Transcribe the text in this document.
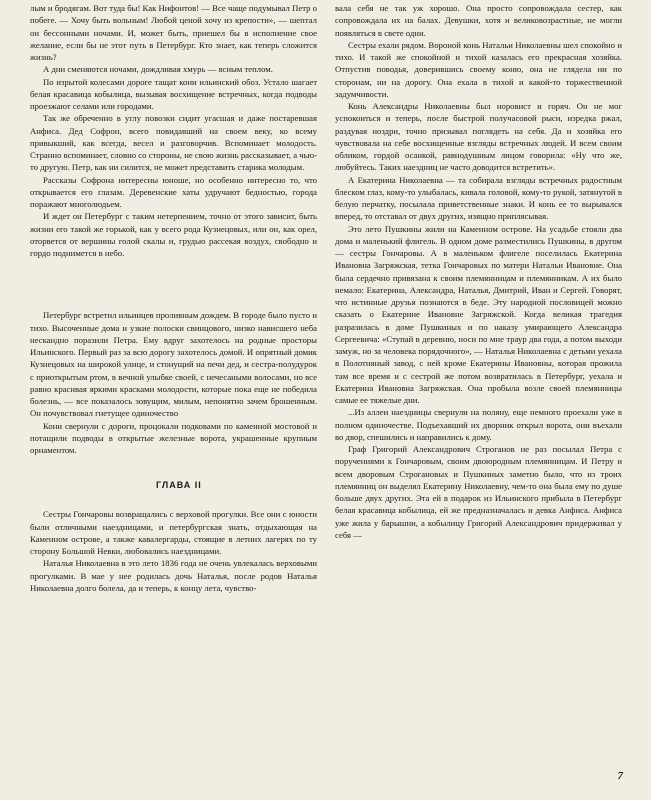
лым и бродягам. Вот туда бы! Как Нифонтов! — Все чаще подумывал Петр о побеге. — Хочу быть вольным! Любой ценой хочу из крепости», — шептал он бессонными ночами. И, может быть, приешел бы в исполнение свое желание, если бы не этот путь в Петербург. Кто знает, как теперь сложится жизнь?

А дни сменяются ночами, дождливая хмурь — ясным теплом.

По изрытой колесами дороге тащат кони ильинский обоз. Устало шагает белая красавица кобылица, вызывая восхищение встречных, когда подводы проезжают селами или городами.

Так же обреченно в углу повозки сидит угасшая и даже постаревшая Анфиса. Дед Софрон, всего повидавший на своем веку, ко всему привыкший, как всегда, весел и разговорчив. Вспоминает молодость. Странно вспоминает, словно со стороны, не свою жизнь рассказывает, а чью-то другую. Петр, как ни силится, не может представить старика молодым.

Рассказы Софрона интересны юноше, но особенно интересно то, что открывается его глазам. Деревенские хаты удручают бедностью, города поражают многолюдьем.

И ждет он Петербург с таким нетерпением, точно от этого зависит, быть жизни его такой же горькой, как у всего рода Кузнецовых, или он, как орел, оторвется от вершины голой скалы и, грудью рассекая воздух, свободно и гордо поднимется в небо.

Петербург встретил ильинцев проливным дождем. В городе было пусто и тихо. Высоченные дома и узкие полоски свинцового, низко нависшего неба нескандно поразили Петра. Ему вдруг захотелось на родные просторы Ильинского. Первый раз за всю дорогу захотелось домой. И опрятный домик Кузнецовых на широкой улице, и стонущий на печи дед, и сестра-полудурок с приоткрытым ртом, в вечной улыбке своей, с нечесаными волосами, но все равно красивая яркими красками молодости, которые пока еще не победила болезнь, — все показалось зовущим, милым, непонятно зачем брошенным. Он почувствовал гнетущее одиночество

Кони свернули с дороги, процокали подковами по каменной мостовой и потащили подводы в открытые железные ворота, украшенные крупным орнаментом.

ГЛАВА II

Сестры Гончаровы возвращались с верховой прогулки. Все они с юности были отличными наездницами, и петербургская знать, отдыхающая на Каменном острове, а также кавалергарды, стоящие в летних лагерях по ту сторону Большой Невки, любовались наездницами.

Наталья Николаевна в это лето 1836 года не очень увлекалась верховыми прогулками. В мае у нее родилась дочь Наталья, после родов Наталья Николаевна долго болела, да и теперь, к концу лета, чувство-

вала себя не так уж хорошо. Она просто сопровождала сестер, как сопровождала их на балах. Девушки, хотя и великовозрастные, не могли появляться в свете одни.

Сестры ехали рядом. Вороной конь Натальи Николаевны шел спокойно и тихо. И такой же спокойной и тихой казалась его прекрасная хозяйка. Отпустив поводья, доверившись своему коню, она не глядела ни по сторонам, ни на дорогу. Она ехала в тихой и какой-то торжественной задумчивости.

Конь Александры Николаевны был норовист и горяч. Он не мог успокоиться и теперь, после быстрой получасовой рыси, изредка ржал, раздувая ноздри, точно призывал поглядеть на себя. Да и хозяйка его чувствовала на себе восхищенные взгляды встречных людей. И всем своим обликом, гордой осанкой, равнодушным лицом говорила: «Ну что же, любуйтесь. Таких наездниц не часто доводится встретить».

А Екатерина Николаевна — та собирала взгляды встречных радостным блеском глаз, кому-то улыбалась, кивала головой, кому-то рукой, затянутой в белую перчатку, посылала приветственные знаки. И конь ее то вырывался вперед, то отставал от двух других, изящно приплясывая.

Это лето Пушкины жили на Каменном острове. На усадьбе стояли два дома и маленький флигель. В одном доме разместились Пушкины, в другом — сестры Гончаровы. А в маленьком флигеле поселилась Екатерина Ивановна Загряжская, тетка Гончаровых по матери Натальи Ивановне. Она была сердечно привязана к своим племянницам и племянникам. А их было немало: Екатерина, Александра, Наталья, Дмитрий, Иван и Сергей. Говорят, что истинные друзья познаются в беде. Эту народной пословицей можно сказать о Екатерине Ивановне Загряжской. Когда великая трагедия разразилась в доме Пушкиных и по наказу умирающего Александра Сергеевича: «Ступай в деревню, носи по мне траур два года, а потом выходи замуж, но за человека порядочного», — Наталья Николаевна с детьми уехала в Полотняный завод, с ней кроме Екатерины Ивановны, которая прожила там все время и с сестрой же потом возвратилась в Петербург, уехала и Екатерина Ивановна Загряжская. Она пробыла возле своей племянницы самые ее тяжелые дни.

...Из аллеи наездницы свернули на поляну, еще немного проехали уже в полном одиночестве. Подъехавший их дворник открыл ворота, они въехали во двор, спешились и направились к дому.

Граф Григорий Александрович Строганов не раз посылал Петра с поручениями к Гончаровым, своим двоюродным племянницам. И Петру и всем дворовым Строгановых и Пушкиных заметно было, что из троих племянниц он выделял Екатерину Николаевну, чем-то она была ему по душе больше двух других. Эта ей в подарок из Ильинского прибыла в Петербург белая красавица кобылица, ей же предназначалась и девка Анфиса. Анфиса уже жила у барышни, а кобылицу Григорий Александрович придерживал у себя —

7
